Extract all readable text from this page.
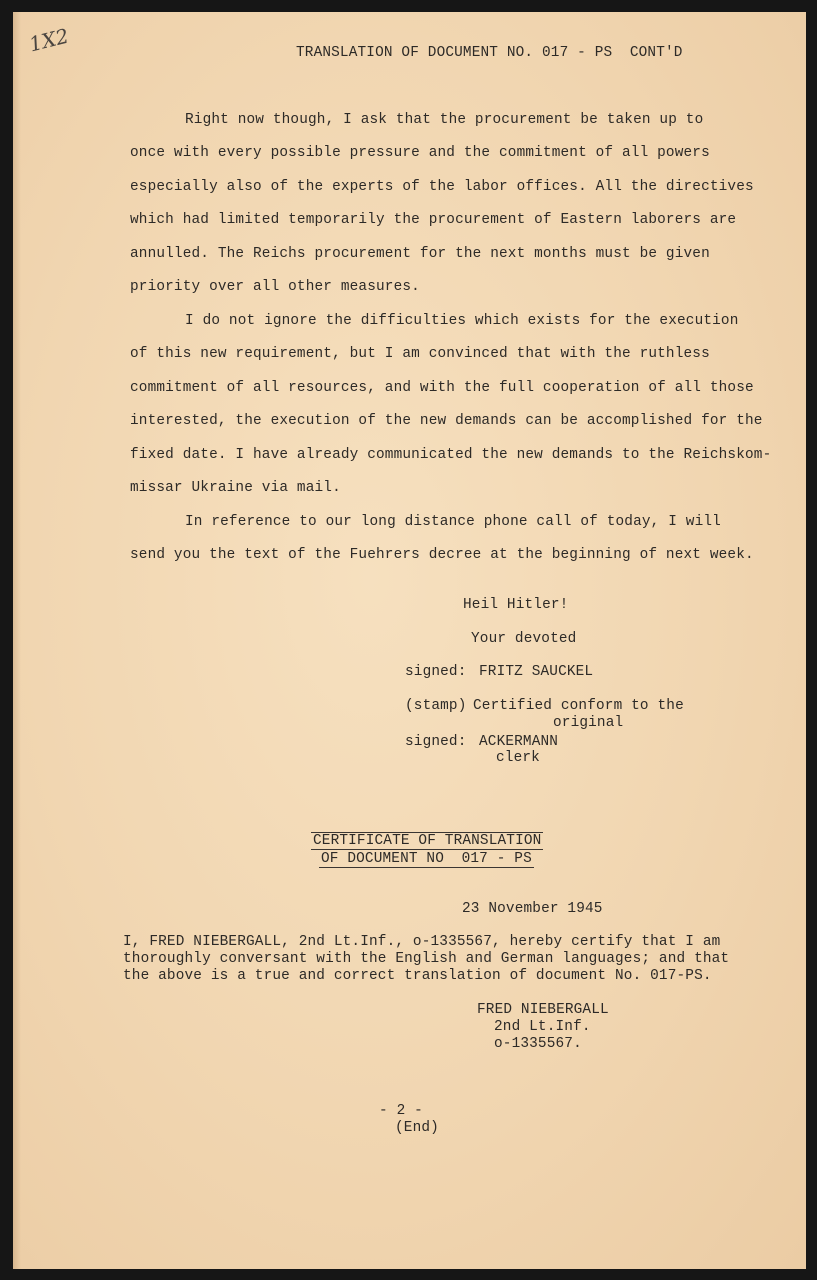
1X2	TRANSLATION OF DOCUMENT NO. 017 - PS  CONT'D
Right now though, I ask that the procurement be taken up to
once with every possible pressure and the commitment of all powers
especially also of the experts of the labor offices. All the directives
which had limited temporarily the procurement of Eastern laborers are
annulled. The Reichs procurement for the next months must be given
priority over all other measures.
I do not ignore the difficulties which exists for the execution
of this new requirement, but I am convinced that with the ruthless
commitment of all resources, and with the full cooperation of all those
interested, the execution of the new demands can be accomplished for the
fixed date. I have already communicated the new demands to the Reichskom-
missar Ukraine via mail.
In reference to our long distance phone call of today, I will
send you the text of the Fuehrers decree at the beginning of next week.
Heil Hitler!
Your devoted
signed: FRITZ SAUCKEL
(stamp) Certified conform to the
original
signed: ACKERMANN
clerk
CERTIFICATE OF TRANSLATION
OF DOCUMENT NO  017 - PS
23 November 1945
I, FRED NIEBERGALL, 2nd Lt.Inf., o-1335567, hereby certify that I am
thoroughly conversant with the English and German languages; and that
the above is a true and correct translation of document No. 017-PS.
FRED NIEBERGALL
2nd Lt.Inf.
o-1335567.
- 2 -
(End)
